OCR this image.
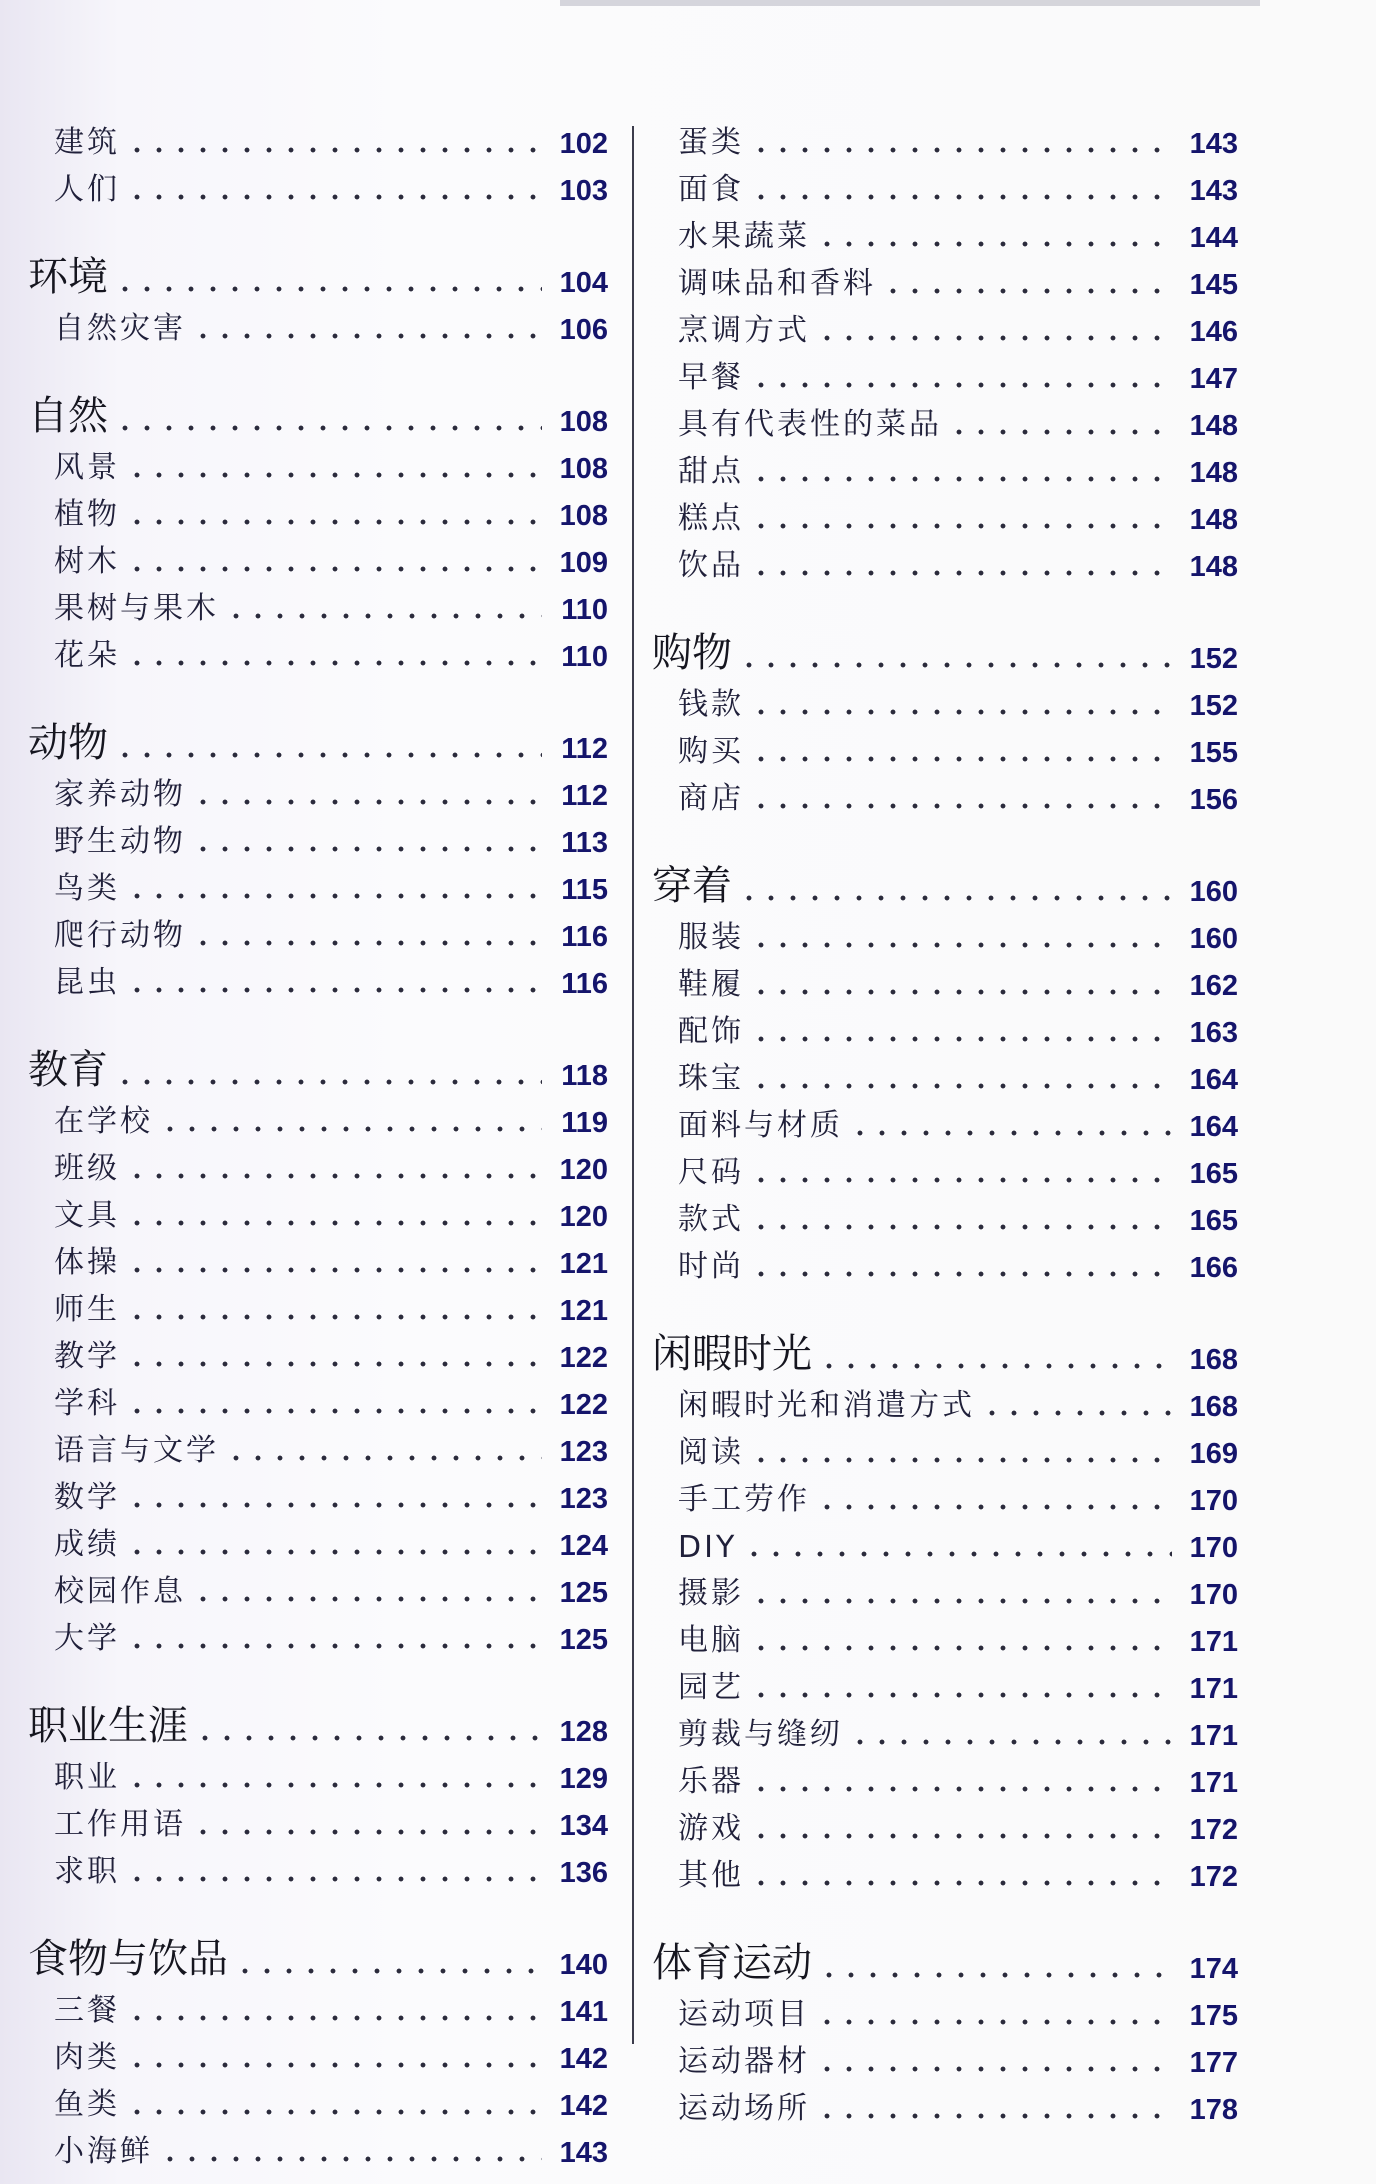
建筑	102
人们	103
环境	104
自然灾害	106
自然	108
风景	108
植物	108
树木	109
果树与果木	110
花朵	110
动物	112
家养动物	112
野生动物	113
鸟类	115
爬行动物	116
昆虫	116
教育	118
在学校	119
班级	120
文具	120
体操	121
师生	121
教学	122
学科	122
语言与文学	123
数学	123
成绩	124
校园作息	125
大学	125
职业生涯	128
职业	129
工作用语	134
求职	136
食物与饮品	140
三餐	141
肉类	142
鱼类	142
小海鲜	143
蛋类	143
面食	143
水果蔬菜	144
调味品和香料	145
烹调方式	146
早餐	147
具有代表性的菜品	148
甜点	148
糕点	148
饮品	148
购物	152
钱款	152
购买	155
商店	156
穿着	160
服装	160
鞋履	162
配饰	163
珠宝	164
面料与材质	164
尺码	165
款式	165
时尚	166
闲暇时光	168
闲暇时光和消遣方式	168
阅读	169
手工劳作	170
DIY	170
摄影	170
电脑	171
园艺	171
剪裁与缝纫	171
乐器	171
游戏	172
其他	172
体育运动	174
运动项目	175
运动器材	177
运动场所	178
